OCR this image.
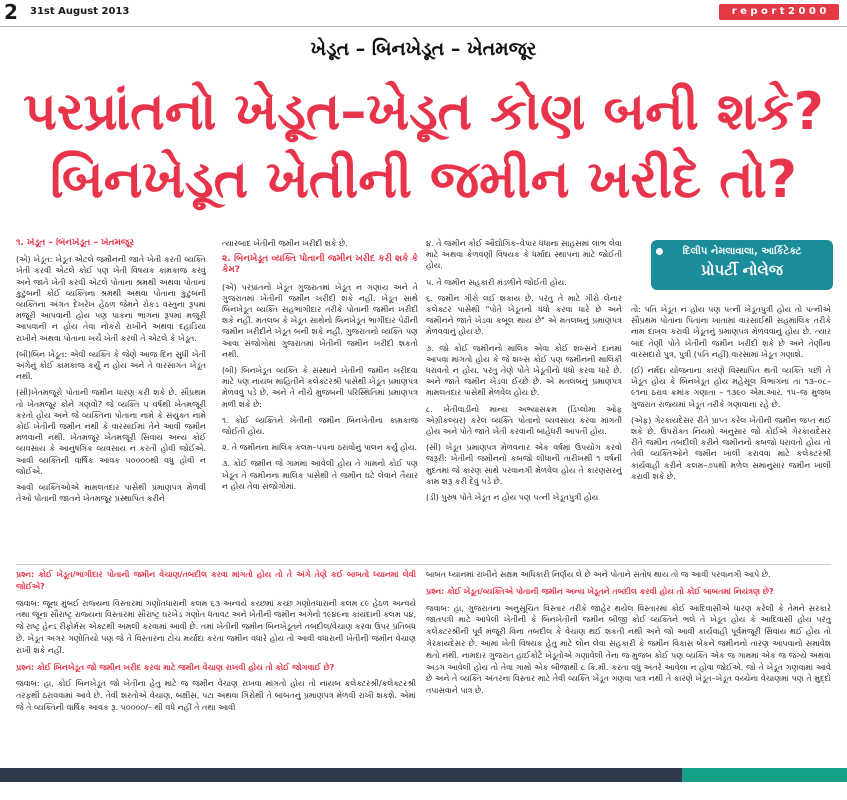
2 31st August 2013	r e p o r t 2 0 0 0
ખેડૂત – બિનખેડૂત – ખેતમજૂર
પરપ્રાંતનો ખેડૂત–ખેડૂત કોણ બની શકે?
બિનખેડૂત ખેતીની જમીન ખરીદે તો?

૧. ખેડૂત – બિનખેડૂત – ખેતમજૂર

(એ) ખેડૂત: ખેડૂત એટલે જમીનની જાતે ખેતી કરતી વ્યક્તિ ખેતી કરવી એટલે કોઈ પણ ખેતી વિષયક કામકાજ કરવું અને જાતે ખેતી કરવી એટલે પોતાના શ્રમથી અથવા પોતાનાં કુટુંબની કોઈ વ્યક્તિના શ્રમથી અથવા પોતાના કુટુંબની વ્યક્તિના અંગત દેખરેખ હેઠળ જેમને રોકડ વસ્તુના રૂપમાં મજૂરી આપવાની હોય પણ પાકના ભાગના રૂપમાં મજૂરી આપવાની ન હોય તેવા નોકરો રાખીને અથવા દહાડિયા રાખીને અથવા પોતાના ખર્ચે ખેતી કરવી તે એટલે કે ખેડૂત.

(બી)બિન ખેડૂત: એવી વ્યક્તિ કે જેણે આજ દિન સુધી ખેતી અંગેનું કોઈ કામકાજ કર્યું ન હોય અને તે વારસાગત ખેડૂત નથી.

(સી)ખેતમજૂરો પોતાની જમીન ધારણ કરી શકે છે. સૌપ્રથમ તો ખેતમજૂર કોને ગણવો? જે વ્યક્તિ ૫ વર્ષથી ખેતમજૂરી કરતો હોય અને જે વ્યક્તિના પોતાના નામે કે સંયુક્ત નામે કોઈ ખેતીની જમીન નથી કે વારસાઈમાં તેને આવી જમીન મળવાની નથી. ખેતમજૂર ખેતમજૂરી સિવાય અન્ય કોઈ વ્યવસાય કે આનુષંગિક વ્યવસાય ન કરતી હોવી જોઈએ. આવી વ્યક્તિની વાર્ષિક આવક ૫૦૦૦૦થી વધુ હોવી ન જોઈએ.

આવી વ્યક્તિઓએ મામલતદાર પાસેથી પ્રમાણપત્ર મેળવી તેઓ પોતાની જાતને ખેતમજૂર પ્રસ્થાપિત કરીને

ત્યારબાદ ખેતીની જમીન ખરીદી શકે છે.

૨. બિનખેડૂત વ્યક્તિ પોતાની જમીન ખરીદ કરી શકે કે કેમ?

(એ) પરપ્રાંતનો ખેડૂત ગુજરાતમાં ખેડૂત ન ગણાય અને તે ગુજરાતમાં ખેતીની જમીન ખરીદી શકે નહીં. ખેડૂત સાથે બિનખેડૂત વ્યક્તિ સહભાગીદાર તરીકે પોતાની જમીન ખરીદી શકે નહીં. મતલબ કે ખેડૂત સાથેનો બિનખેડૂત ભાગીદાર પેઢીની જમીન ખરીદીને ખેડૂત બની શકે નહીં. ગુજરાતનો વ્યક્તિ પણ આવા સંજોગોમાં ગુજરાતમાં ખેતીની જમીન ખરીદી શકતો નથી.

(બી) બિનખેડૂત વ્યક્તિ કે સંસ્થાને ખેતીની જમીન ખરીદવા માટે પણ નાયબ માહિતીને કલેક્ટરશ્રી પાસેથી ખેડૂત પ્રમાણપત્ર મેળવવું પડે છે. અને તે નીચે મુજબની પરિસ્થિતિમાં પ્રમાણપત્ર મળી શકે છે:

૧. કોઈ વ્યક્તિને ખેતીની જમીન બિનખેતીના કામકાજ જોઈતી હોય.

૨. તે જમીનના માલિક કલમ–૫૫ના ઠરાવોનું પાલન કર્યું હોય.

૩. કોઈ જમીન જે ગામમાં આવેલી હોય તે ગામનો કોઈ પણ ખેડૂત તે જમીનના માલિક પાસેથી તે જમીન ઘટે લેવાને તૈયાર ન હોય તેવા સંજોગોમાં.

૪. તે જમીન કોઈ ઔદ્યોગિક–વેપાર ધંધાના સાહસમાં લાભ લેવા માટે અથવા કેળવણી વિષયક કે ધર્માદા સ્થાપના માટે જોઈતી હોય.

૫. તે જમીન સહકારી મંડળીને જોઈતી હોય.

૬. જમીન ગીરો લઈ શકાય છે. પરંતુ તે માટે ગીરો લેનાર કલેક્ટર પાસેથી "પોતે ખેડૂતનો ધંધો કરવા ધારે છે અને જમીનને જાતે ખેડવા કબૂલ થાય છે" એ મતલબનું પ્રમાણપત્ર મેળવવાનું હોય છે.

૭. જો કોઈ જમીનનો માલિક એવા કોઈ શખ્સને દાનમાં આપવા માંગતો હોય કે જે શખ્સ કોઈ પણ જમીનની માલિકી ધરાવતો ન હોય. પરંતુ તેણે પોતે ખેડૂતીનો ધંધો કરવા ધારે છે. અને જાતે જમીન ખેડવા ઈચ્છે છે. એ મતલબનું પ્રમાણપત્ર મામલતદાર પાસેથી મેળવેલ હોય છે.

૮. ખેતીવાડીનો માન્ય અભ્યાસક્રમ (ડિપ્લોમા ઓફ એગ્રીકલ્ચર) કરેલ વ્યક્તિ પોતાનો વ્યવસાય કરવા માંગતી હોય અને પોતે જાતે ખેતી કરવાની બાંહેધરી આપતી હોય.

(સી) ખેડૂત પ્રમાણપત્ર મેળવનાર એક વર્ષમાં ઉપયોગ કરવો જરૂરી: ખેતીની જમીનનો કબજો લીધાની તારીખથી ૧ વર્ષની મુદતમાં જે કારણ સાથે પરવાનગી મેળવેલ હોય તે કારણસરનું કામ શરૂ કરી દેવું પડે છે.

(ડી) પુરુષ પોતે ખેડૂત ન હોય પણ પત્ની ખેડૂતપુત્રી હોય

દિલીપ નેમલાવાલા, આર્કિટેક્ટ
પ્રોપર્ટી નોલેજ

તો: પતિ ખેડૂત ન હોય પણ પત્ની ખેડૂતપુત્રી હોય તો પત્નીએ સૌપ્રથમ પોતાના પિતાના ખાતામાં વારસાઈથી સહમાલિક તરીકે નામ દાખલ કરાવી ખેડૂતનું પ્રમાણપત્ર મેળવવાનું હોય છે. ત્યાર બાદ તેણી પોતે ખેતીની જમીન ખરીદી શકે છે અને તેણીના વારસદારો પુત્ર, પુત્રી (પતિ નહીં) વારસામાં ખેડૂત ગણાશે.

(ઈ) નર્મદા યોજનાના કારણે વિસ્થાપિત થતી વ્યક્તિ પછી તે ખેડૂત હોય કે બિનખેડૂત હોય મહેસૂલ વિભાગના તા ૧૩–૦૮–૯૧ના ઠરાવ ક્રમાંક ગણાતા – ૧૩૯૦ એમ.આર. ૧૫–જ મુજબ ગુજરાત રાજ્યમાં ખેડૂત તરીકે ગણાવાના રહે છે.

(એફ) ગેરકાયદેસર રીતે પ્રાપ્ત કરેલ ખેતીની જમીન જપ્ત થઈ શકે છે. ઉપરોક્ત નિયમો અનુસાર જો કોઈએ ગેરકાયદેસર રીતે જમીન તબદીલી કરીને જમીનનો કબજો ધરાવતો હોય તો તેવી વ્યક્તિઓને જમીન ખાલી કરાવવા માટે કલેક્ટરશ્રી કાર્યવાહી કરીને કલમ–૭૫થી મળેલ સમાનુસાર જમીન ખાલી કરાવી શકે છે.

પ્રશ્ન: કોઈ ખેડૂત/ભાગીદાર પોતાની જમીન વેચાણ/તબદીલ કરવા માંગતો હોય તો તે અંગે તેણે કઈ બાબતો ધ્યાનમાં લેવી જોઈએ?

જવાબ: જૂના મુંબઈ રાજ્યના વિસ્તારમાં ગણોતધારાની કલમ ૬૩ અન્વયે કચ્છમાં કચ્છ ગણોતધારાની કલમ ૮૯ હેઠળ અન્વયે તથા જૂના સૌરાષ્ટ્ર રાજ્યના વિસ્તારમાં સૌરાષ્ટ્ર ઘરખેડ ગણોત ધતાવટ અને ખેતીની જમીન અંગેનો ૧૯૪૯ના કાયદાની કલમ ૫૪, જે રાષ્ટ્ર હેન્ડ રીફોર્મસ એક્ટથી અમલી કરવામાં આવી છે. તમાં ખેતીની જમીન બિનખેડૂતને તબદીલ/વેચાણ કરવા ઉપર પ્રતિબંધ છે. ખેડૂત અગર ગણોતિયો પણ જે તે વિસ્તારના ટોચ મર્યાદા કરતા જમીન વધારે હોય તો આવી વધારાની ખેતીની જમીન વેચાણ રાખી શકે નહીં.

પ્રશ્ન: કોઈ બિનખેડૂત જો જમીન ખરીદ કરવા માટે જમીન વેચાણ રાખવી હોય તો કોઈ જોગવાઈ છે?

જવાબ: હા, કોઈ બિનખેડૂત જો ખેતીના હેતુ માટે જ જમીન વેચાણ રાખવા માંગતો હોય તો નાયબ કલેક્ટરશ્રી/કલેક્ટરશ્રી તરફથી ઠરાવવામાં આવે છે. તેવી શરતોએ વેચાણ, બક્ષીસ, પટા અથવા ગિરોથી તે બાબતનું પ્રમાણપત્ર મેળવી રાખી શકશે. એમાં જે તે વ્યક્તિની વાર્ષિક આવક રૂ. ૫૦૦૦૦/– થી વધે નહીં તે તથા આવી

બાબત ધ્યાનમાં રાખીને સક્ષમ અધિકારી નિર્ણય લે છે અને પોતાને સંતોષ થાય તો જ આવી પરવાનગી આપે છે.

પ્રશ્ન: કોઈ ખેડૂત/વ્યક્તિએ પોતાની જમીન અન્ય ખેડૂતને તબદીલ કરવી હોય તો કોઈ બાબતમાં નિયંત્રણ છે?

જવાબ: હા, ગુજરાતના અનુસૂચિત વિસ્તાર તરીકે જાહેર થયેલ વિસ્તારમાં કોઈ આદિવાસીએ ધારણ કરેલી કે તેમને સરકારે જાતપત્રી માટે આપેલી ખેતીની કે બિનખેતીની જમીન બીજી કોઈ વ્યક્તિને ભલે તે ખેડૂત હોય કે આદિવાસી હોય પરંતુ કલેક્ટરશ્રીની પૂર્વ મંજૂરી વિના તબદીલ કે વેચાણ થઈ શકતી નથી અને જો આવી કાર્યવાહી પૂર્વમંજૂરી સિવાય થઈ હોય તો ગેરકાયદેસર છે. આમાં ખેતી વિષયક હેતુ માટે લોન લેવા સહકારી કે જમીન વિકાસ બેંકને જમીનનો તારણ આપવાનો સમાવેશ થતો નથી. નામદાર ગુજરાત હાઈકોર્ટે ખેડૂતોએ ગણાવેલી તેના જ મુજબ કોઈ પણ વ્યક્તિ એક જ ગામમાં એક જ જગ્યે અથવા અડગ આવેલી હોય તો તેવા ગામો એક બીજાથી ૮ કિ.મી. કરતા વધુ અંતરે આવેલા ન હોવા જોઈએ. જો તે ખેડૂત ગણવામાં આવે છે અને તે વ્યક્તિ અંતરના વિસ્તાર માટે તેવી વ્યક્તિ ખેડૂત ગણવા પાત્ર નથી તે કારણે ખેડૂત–ખેડૂત વચ્ચેના વેચાણમાં પણ તે મુદ્દો તપાસવાને પાત્ર છે.
